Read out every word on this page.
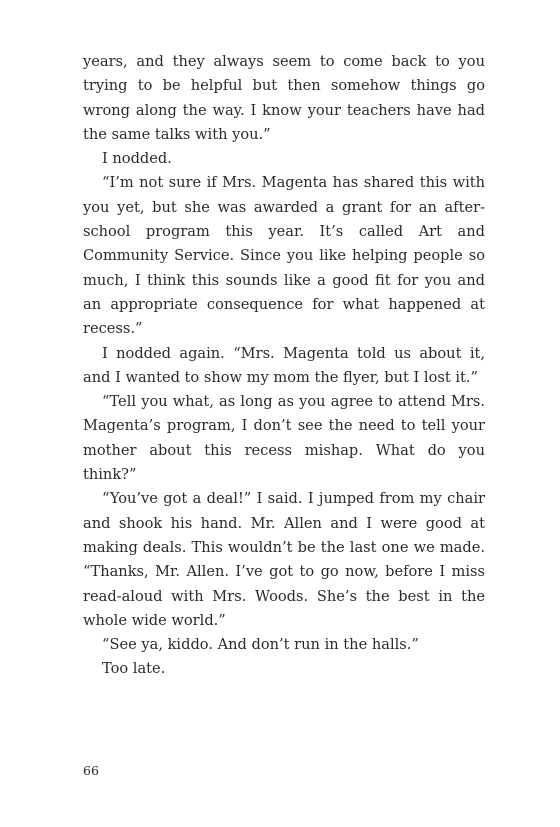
years, and they always seem to come back to you trying to be helpful but then somehow things go wrong along the way. I know your teachers have had the same talks with you.”

I nodded.

“I’m not sure if Mrs. Magenta has shared this with you yet, but she was awarded a grant for an after-school program this year. It’s called Art and Community Service. Since you like helping people so much, I think this sounds like a good fit for you and an appropriate consequence for what happened at recess.”

I nodded again. “Mrs. Magenta told us about it, and I wanted to show my mom the flyer, but I lost it.”

“Tell you what, as long as you agree to attend Mrs. Magenta’s program, I don’t see the need to tell your mother about this recess mishap. What do you think?”

“You’ve got a deal!” I said. I jumped from my chair and shook his hand. Mr. Allen and I were good at making deals. This wouldn’t be the last one we made. “Thanks, Mr. Allen. I’ve got to go now, before I miss read-aloud with Mrs. Woods. She’s the best in the whole wide world.”

“See ya, kiddo. And don’t run in the halls.”

Too late.

66
